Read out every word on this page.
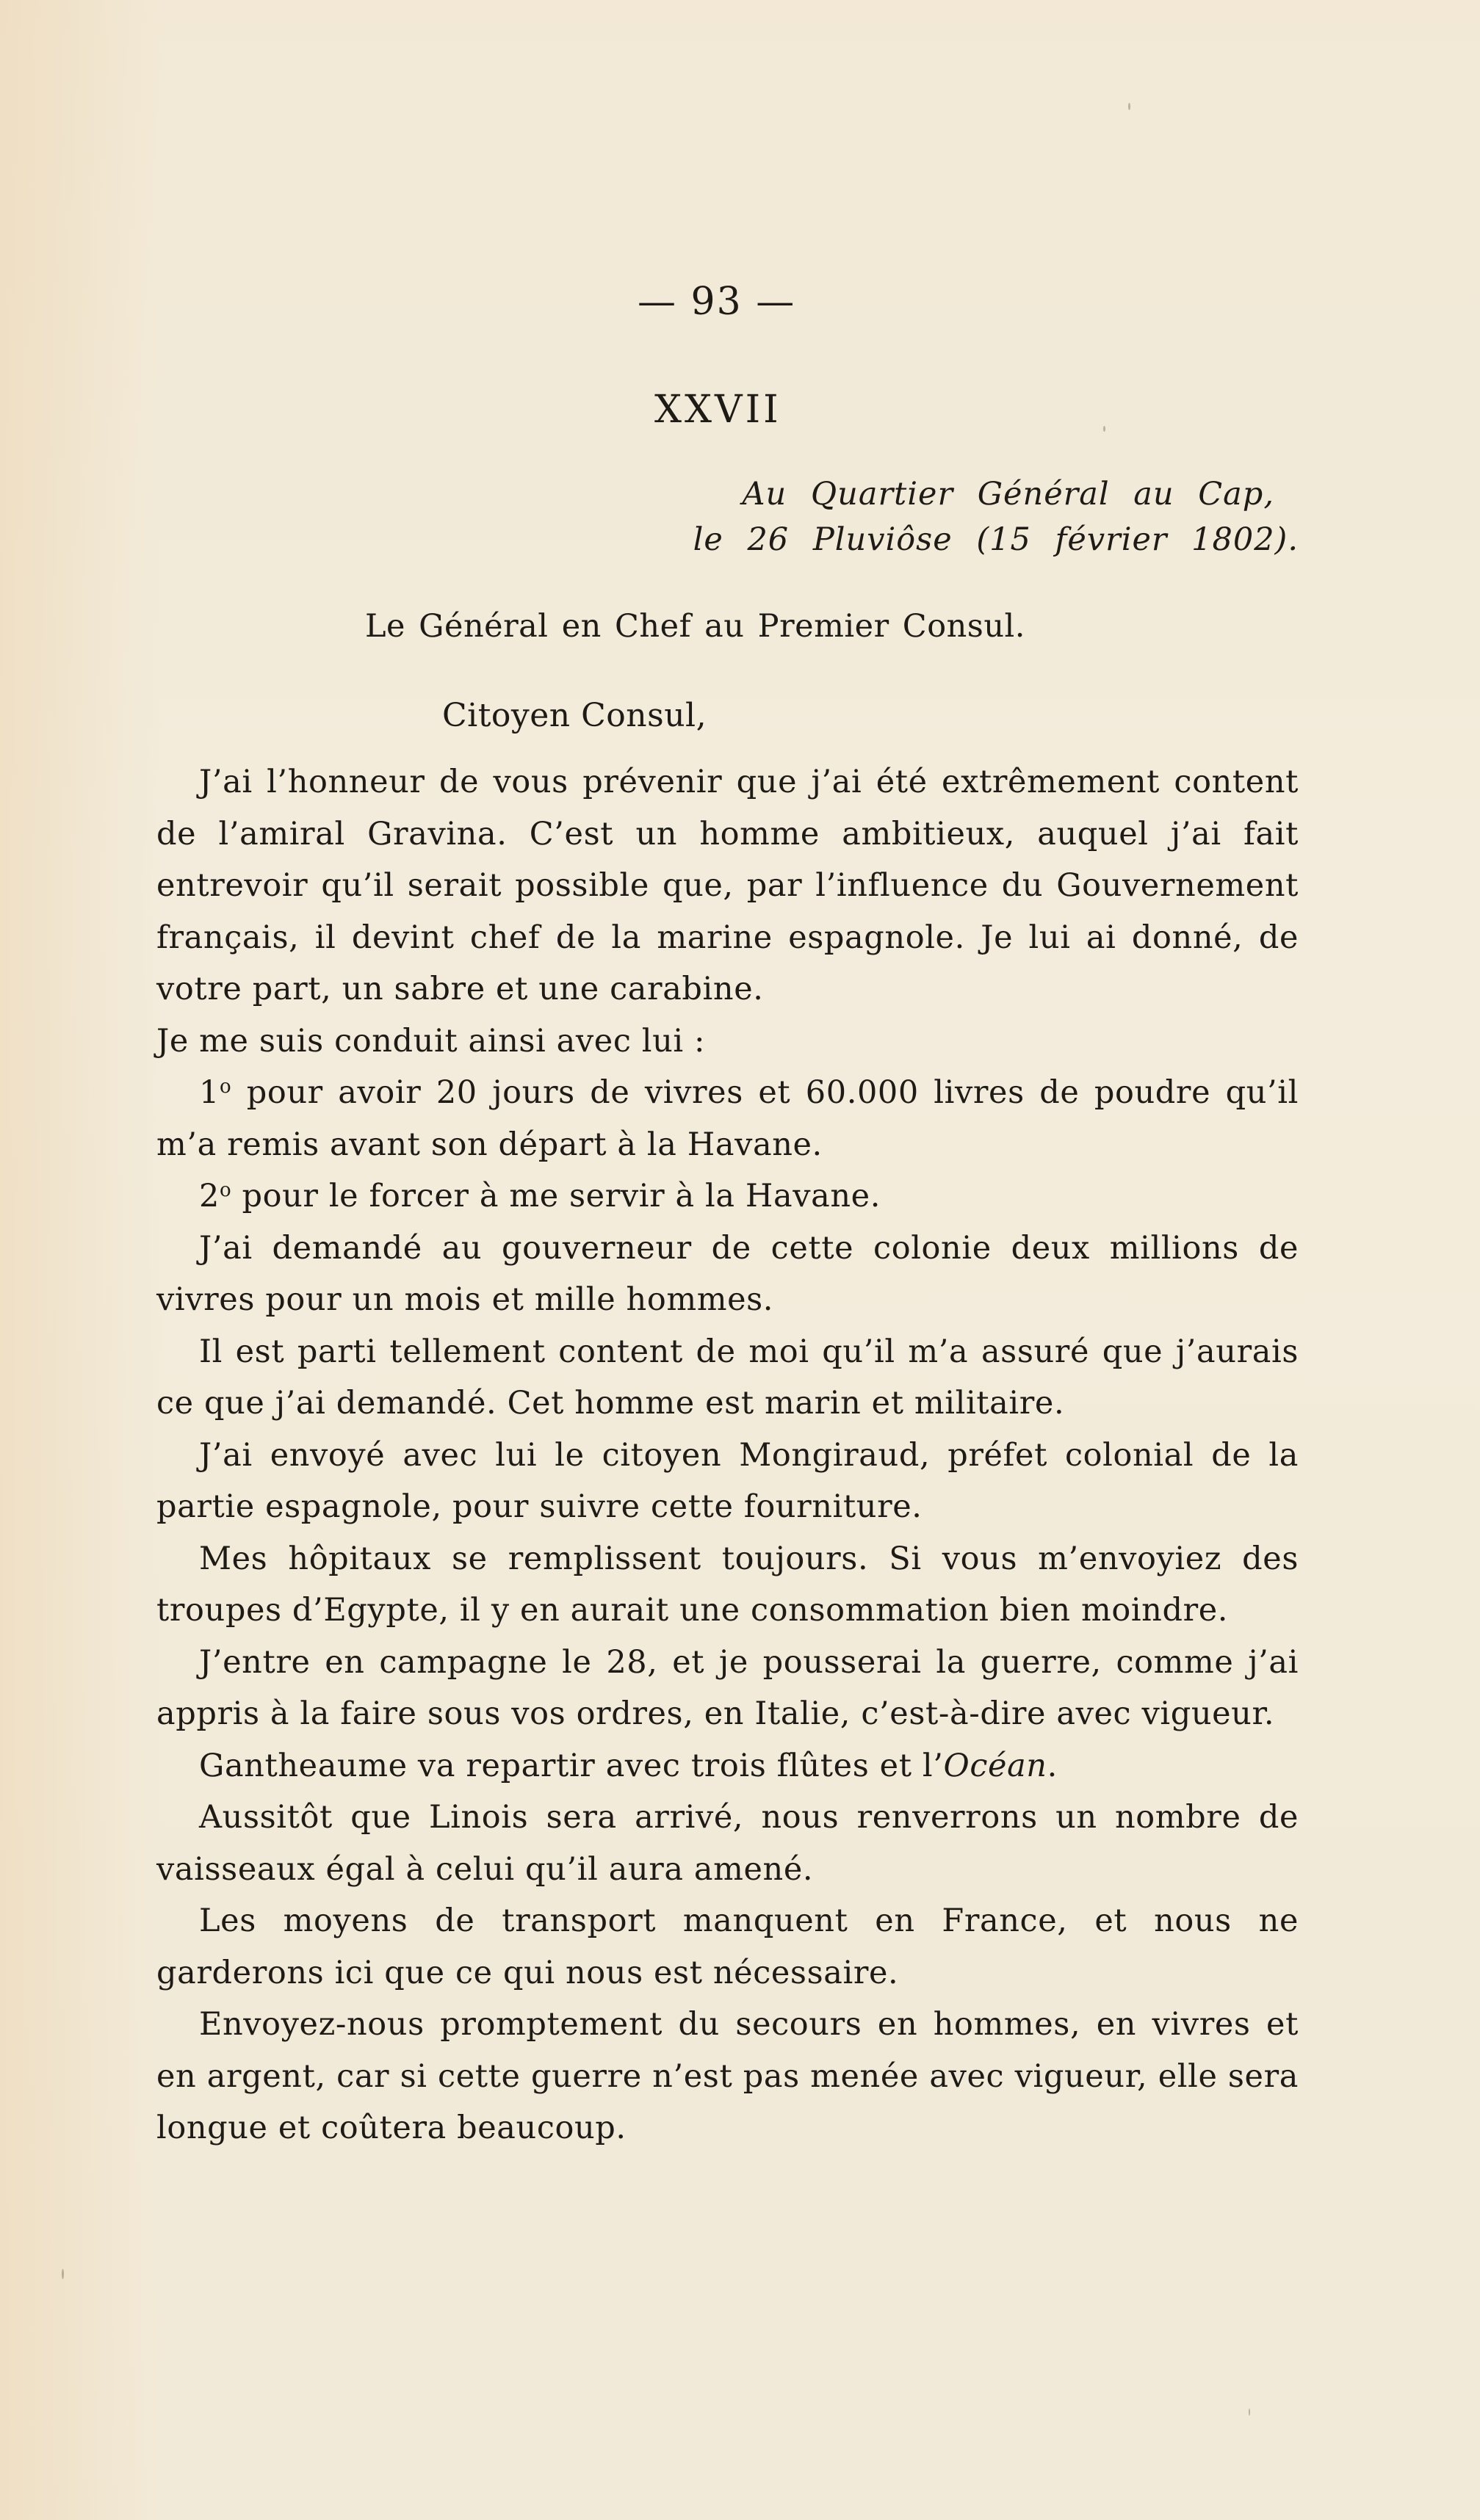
— 93 —
XXVII
Au Quartier Général au Cap,
le 26 Pluviôse (15 février 1802).
Le Général en Chef au Premier Consul.
Citoyen Consul,

J’ai l’honneur de vous prévenir que j’ai été extrêmement content de l’amiral Gravina. C’est un homme ambitieux, auquel j’ai fait entrevoir qu’il serait possible que, par l’influence du Gouvernement français, il devint chef de la marine espagnole. Je lui ai donné, de votre part, un sabre et une carabine.

Je me suis conduit ainsi avec lui :

1$^o$ pour avoir 20 jours de vivres et 60.000 livres de poudre qu’il m’a remis avant son départ à la Havane.

2$^o$ pour le forcer à me servir à la Havane.

J’ai demandé au gouverneur de cette colonie deux millions de vivres pour un mois et mille hommes.

Il est parti tellement content de moi qu’il m’a assuré que j’aurais ce que j’ai demandé. Cet homme est marin et militaire.

J’ai envoyé avec lui le citoyen Mongiraud, préfet colonial de la partie espagnole, pour suivre cette fourniture.

Mes hôpitaux se remplissent toujours. Si vous m’envoyiez des troupes d’Egypte, il y en aurait une consommation bien moindre.

J’entre en campagne le 28, et je pousserai la guerre, comme j’ai appris à la faire sous vos ordres, en Italie, c’est-à-dire avec vigueur.

Gantheaume va repartir avec trois flûtes et l’Océan.

Aussitôt que Linois sera arrivé, nous renverrons un nombre de vaisseaux égal à celui qu’il aura amené.

Les moyens de transport manquent en France, et nous ne garderons ici que ce qui nous est nécessaire.

Envoyez-nous promptement du secours en hommes, en vivres et en argent, car si cette guerre n’est pas menée avec vigueur, elle sera longue et coûtera beaucoup.
